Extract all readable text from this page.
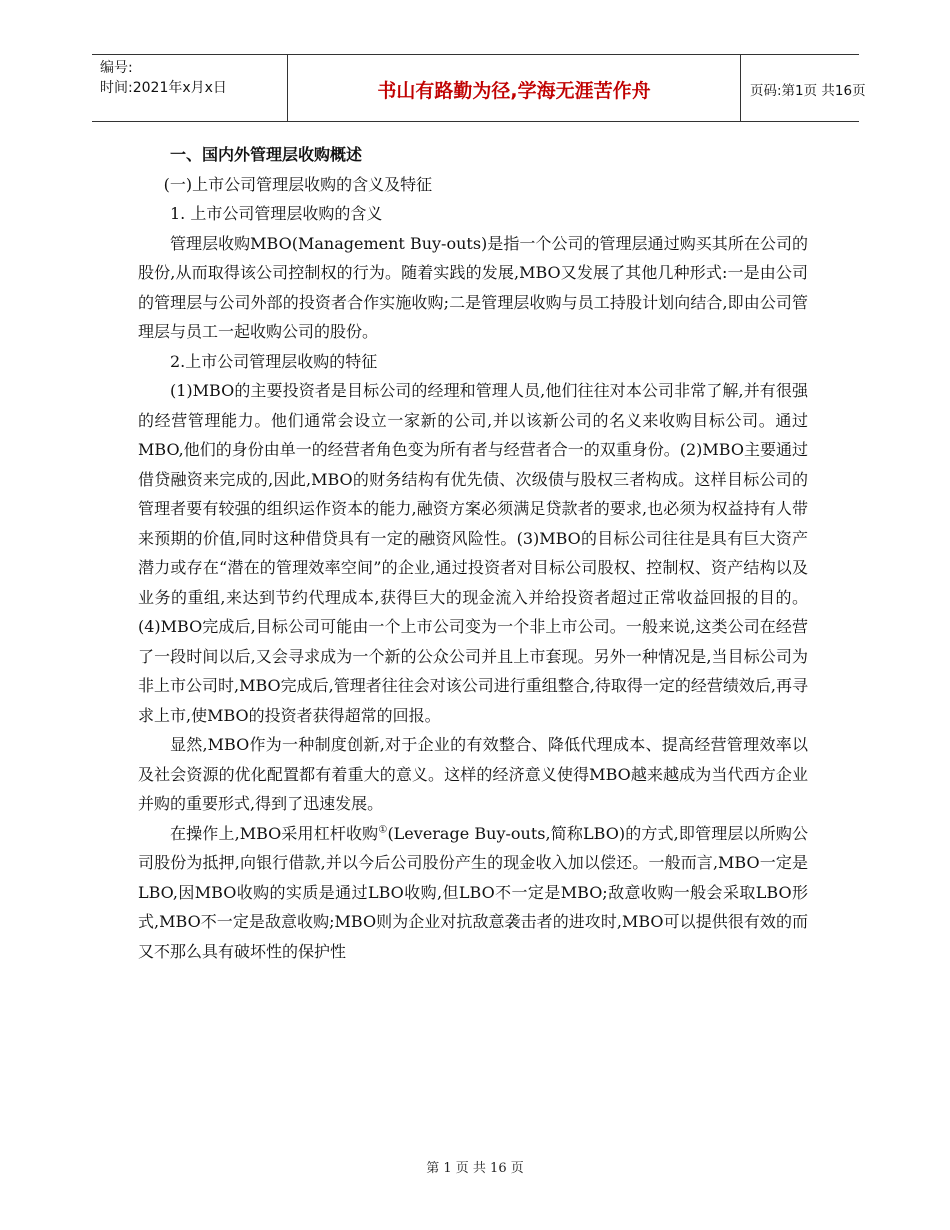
编号:
时间:2021年x月x日	书山有路勤为径,学海无涯苦作舟	页码:第1页 共16页

一、国内外管理层收购概述

(一)上市公司管理层收购的含义及特征

1. 上市公司管理层收购的含义

管理层收购MBO(Management Buy-outs)是指一个公司的管理层通过购买其所在公司的股份,从而取得该公司控制权的行为。随着实践的发展,MBO又发展了其他几种形式:一是由公司的管理层与公司外部的投资者合作实施收购;二是管理层收购与员工持股计划向结合,即由公司管理层与员工一起收购公司的股份。

2.上市公司管理层收购的特征

(1)MBO的主要投资者是目标公司的经理和管理人员,他们往往对本公司非常了解,并有很强的经营管理能力。他们通常会设立一家新的公司,并以该新公司的名义来收购目标公司。通过MBO,他们的身份由单一的经营者角色变为所有者与经营者合一的双重身份。(2)MBO主要通过借贷融资来完成的,因此,MBO的财务结构有优先债、次级债与股权三者构成。这样目标公司的管理者要有较强的组织运作资本的能力,融资方案必须满足贷款者的要求,也必须为权益持有人带来预期的价值,同时这种借贷具有一定的融资风险性。(3)MBO的目标公司往往是具有巨大资产潜力或存在“潜在的管理效率空间”的企业,通过投资者对目标公司股权、控制权、资产结构以及业务的重组,来达到节约代理成本,获得巨大的现金流入并给投资者超过正常收益回报的目的。(4)MBO完成后,目标公司可能由一个上市公司变为一个非上市公司。一般来说,这类公司在经营了一段时间以后,又会寻求成为一个新的公众公司并且上市套现。另外一种情况是,当目标公司为非上市公司时,MBO完成后,管理者往往会对该公司进行重组整合,待取得一定的经营绩效后,再寻求上市,使MBO的投资者获得超常的回报。

显然,MBO作为一种制度创新,对于企业的有效整合、降低代理成本、提高经营管理效率以及社会资源的优化配置都有着重大的意义。这样的经济意义使得MBO越来越成为当代西方企业并购的重要形式,得到了迅速发展。

在操作上,MBO采用杠杆收购①(Leverage Buy-outs,简称LBO)的方式,即管理层以所购公司股份为抵押,向银行借款,并以今后公司股份产生的现金收入加以偿还。一般而言,MBO一定是LBO,因MBO收购的实质是通过LBO收购,但LBO不一定是MBO;敌意收购一般会采取LBO形式,MBO不一定是敌意收购;MBO则为企业对抗敌意袭击者的进攻时,MBO可以提供很有效的而又不那么具有破坏性的保护性

第 1 页 共 16 页
